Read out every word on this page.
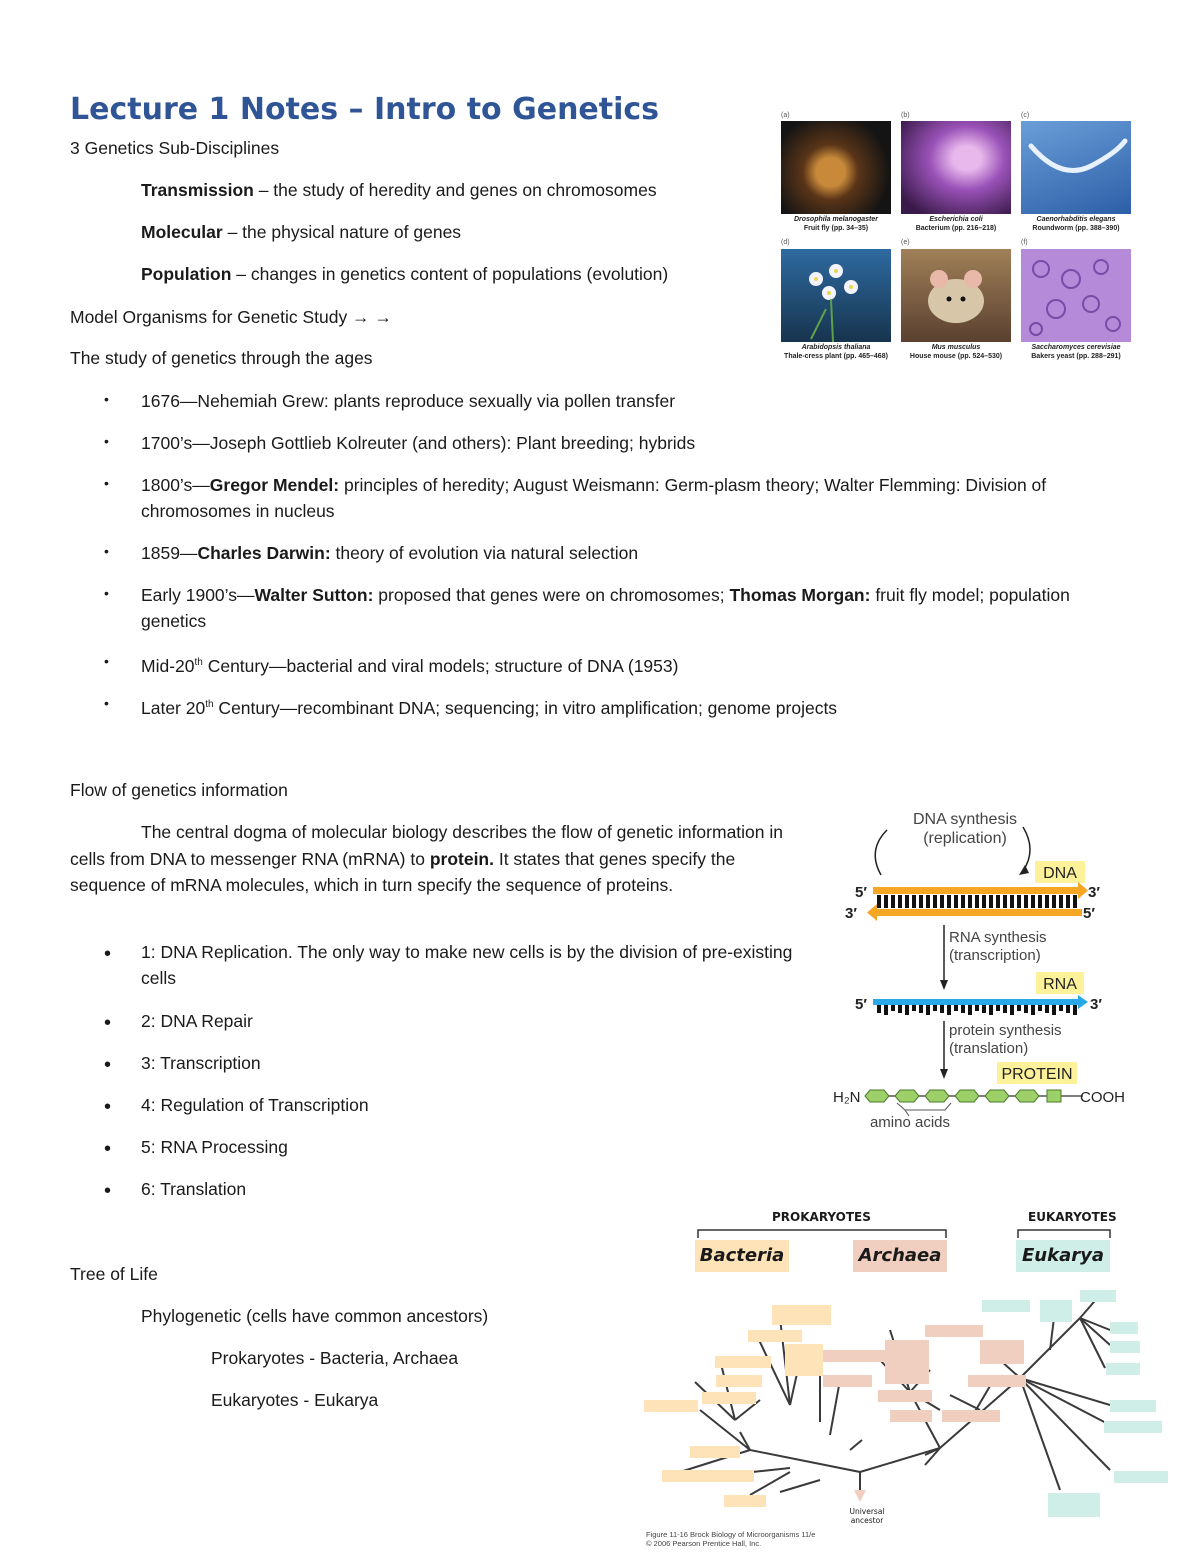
Lecture 1 Notes – Intro to Genetics
3 Genetics Sub-Disciplines
Transmission – the study of heredity and genes on chromosomes
Molecular – the physical nature of genes
Population – changes in genetics content of populations (evolution)
Model Organisms for Genetic Study → →
The study of genetics through the ages
• 1676—Nehemiah Grew: plants reproduce sexually via pollen transfer
• 1700’s—Joseph Gottlieb Kolreuter (and others): Plant breeding; hybrids
• 1800’s—Gregor Mendel: principles of heredity; August Weismann: Germ-plasm theory; Walter Flemming: Division of chromosomes in nucleus
• 1859—Charles Darwin: theory of evolution via natural selection
• Early 1900’s—Walter Sutton: proposed that genes were on chromosomes; Thomas Morgan: fruit fly model; population genetics
• Mid-20th Century—bacterial and viral models; structure of DNA (1953)
• Later 20th Century—recombinant DNA; sequencing; in vitro amplification; genome projects
Flow of genetics information
The central dogma of molecular biology describes the flow of genetic information in cells from DNA to messenger RNA (mRNA) to protein. It states that genes specify the sequence of mRNA molecules, which in turn specify the sequence of proteins.
• 1: DNA Replication. The only way to make new cells is by the division of pre-existing cells
• 2: DNA Repair
• 3: Transcription
• 4: Regulation of Transcription
• 5: RNA Processing
• 6: Translation
Tree of Life
Phylogenetic (cells have common ancestors)
Prokaryotes - Bacteria, Archaea
Eukaryotes - Eukarya
(a)
Drosophila melanogaster
Fruit fly (pp. 34–35)
(b)
Escherichia coli
Bacterium (pp. 216–218)
(c)
Caenorhabditis elegans
Roundworm (pp. 388–390)
(d)
Arabidopsis thaliana
Thale-cress plant (pp. 465–468)
(e)
Mus musculus
House mouse (pp. 524–530)
(f)
Saccharomyces cerevisiae
Bakers yeast (pp. 288–291)
DNA synthesis
(replication)
DNA
5′	3′
3′	5′
RNA synthesis
(transcription)
RNA
5′	3′
protein synthesis
(translation)
PROTEIN
H₂N	COOH
amino acids
PROKARYOTES	EUKARYOTES
Bacteria	Archaea	Eukarya
Universal ancestor
Figure 11-16 Brock Biology of Microorganisms 11/e
© 2006 Pearson Prentice Hall, Inc.
